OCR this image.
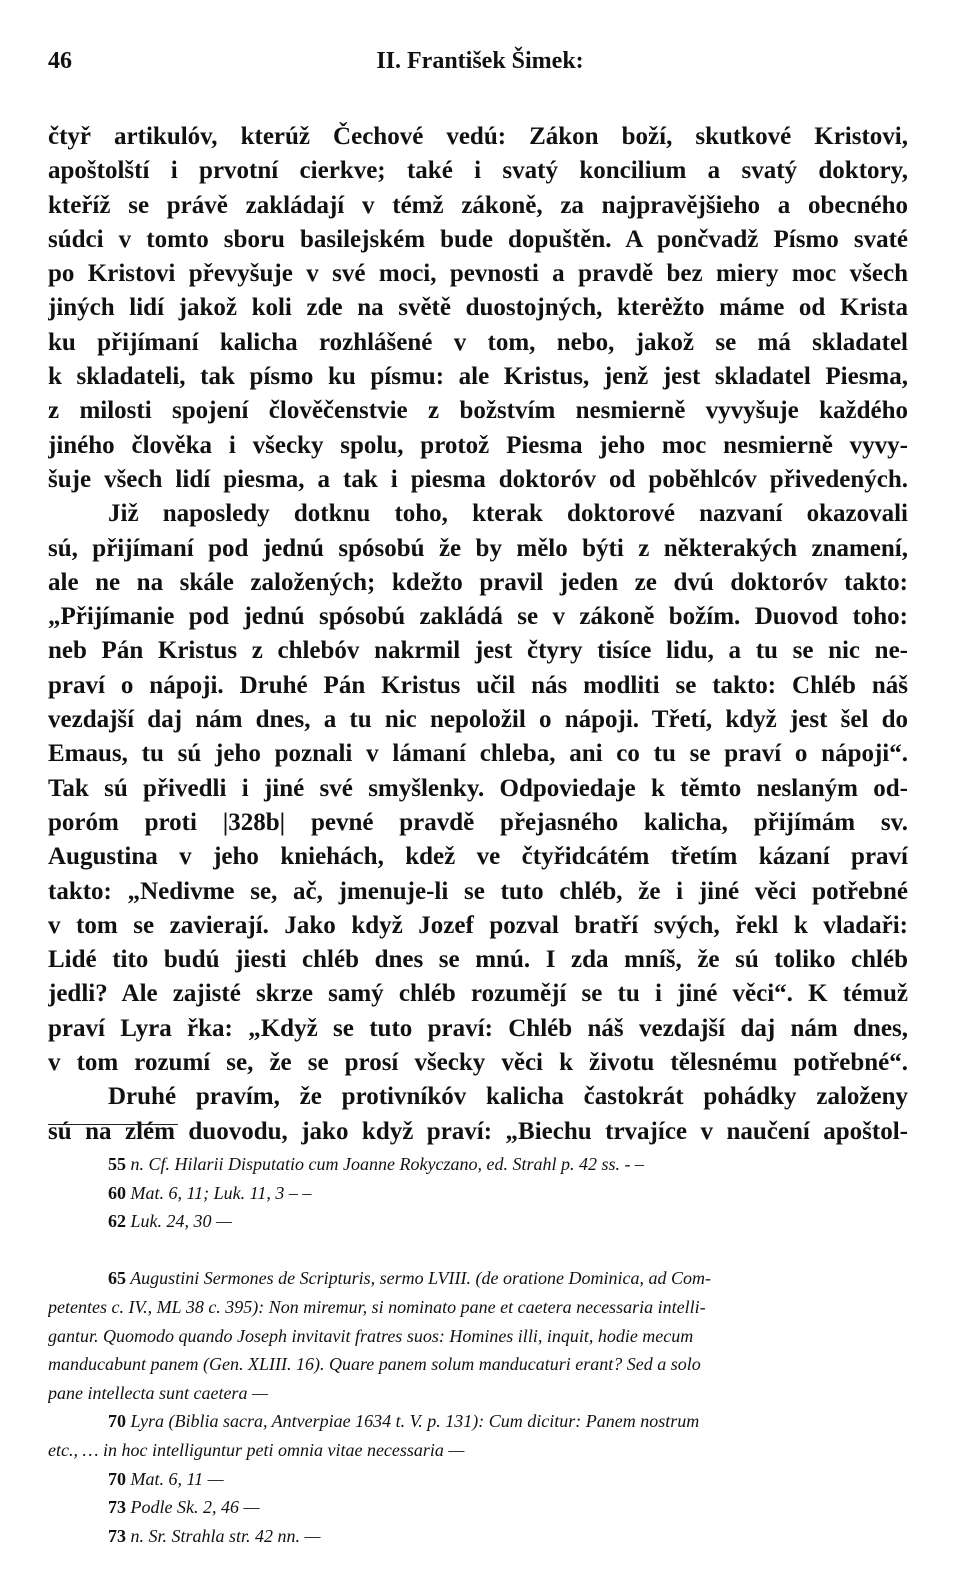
46	II. František Šimek:
čtyř artikulóv, kterúž Čechové vedú: Zákon boží, skutkové Kristovi,
apoštolští i prvotní cierkve; také i svatý koncilium a svatý doktory,
kteříž se právě zakládají v témž zákoně, za najpravějšieho a obecného
súdci v tomto sboru basilejském bude dopuštěn. A pončvadž Písmo svaté
po Kristovi převyšuje v své moci, pevnosti a pravdě bez miery moc všech
jiných lidí jakož koli zde na světě duostojných, kterėžto máme od Krista
ku přijímaní kalicha rozhlášené v tom, nebo, jakož se má skladatel
k skladateli, tak písmo ku písmu: ale Kristus, jenž jest skladatel Piesma,
z milosti spojení člověčenstvie z božstvím nesmierně vyvyšuje každého
jiného člověka i všecky spolu, protož Piesma jeho moc nesmierně vyvy-
šuje všech lidí piesma, a tak i piesma doktoróv od poběhlcóv přivedených.
Již naposledy dotknu toho, kterak doktorové nazvaní okazovali
sú, přijímaní pod jednú spósobú že by mělo býti z některakých znamení,
ale ne na skále založených; kdežto pravil jeden ze dvú doktoróv takto:
„Přijímanie pod jednú spósobú zakládá se v zákoně božím. Duovod toho:
neb Pán Kristus z chlebóv nakrmil jest čtyry tisíce lidu, a tu se nic ne-
praví o nápoji. Druhé Pán Kristus učil nás modliti se takto: Chléb náš
vezdajší daj nám dnes, a tu nic nepoložil o nápoji. Třetí, když jest šel do
Emaus, tu sú jeho poznali v lámaní chleba, ani co tu se praví o nápoji“.
Tak sú přivedli i jiné své smyšlenky. Odpoviedaje k těmto neslaným od-
poróm proti |328b| pevné pravdě přejasného kalicha, přijímám sv.
Augustina v jeho kniehách, kdež ve čtyřidcátém třetím kázaní praví
takto: „Nedivme se, ač, jmenuje-li se tuto chléb, že i jiné věci potřebné
v tom se zavierají. Jako když Jozef pozval bratří svých, řekl k vladaři:
Lidé tito budú jiesti chléb dnes se mnú. I zda mníš, že sú toliko chléb
jedli? Ale zajisté skrze samý chléb rozumějí se tu i jiné věci“. K témuž
praví Lyra řka: „Když se tuto praví: Chléb náš vezdajší daj nám dnes,
v tom rozumí se, že se prosí všecky věci k životu tělesnému potřebné“.
Druhé pravím, že protivníkóv kalicha častokrát pohádky založeny
sú na zlém duovodu, jako když praví: „Biechu trvajíce v naučení apoštol-
55 n. Cf. Hilarii Disputatio cum Joanne Rokyczano, ed. Strahl p. 42 ss. ‑ –
60 Mat. 6, 11; Luk. 11, 3 – –
62 Luk. 24, 30 —
65 Augustini Sermones de Scripturis, sermo LVIII. (de oratione Dominica, ad Com-
petentes c. IV., ML 38 c. 395): Non miremur, si nominato pane et caetera necessaria intelli-
gantur. Quomodo quando Joseph invitavit fratres suos: Homines illi, inquit, hodie mecum
manducabunt panem (Gen. XLIII. 16). Quare panem solum manducaturi erant? Sed a solo
pane intellecta sunt caetera —
70 Lyra (Biblia sacra, Antverpiae 1634 t. V. p. 131): Cum dicitur: Panem nostrum
etc., … in hoc intelliguntur peti omnia vitae necessaria —
70 Mat. 6, 11 —
73 Podle Sk. 2, 46 —
73 n. Sr. Strahla str. 42 nn. —
